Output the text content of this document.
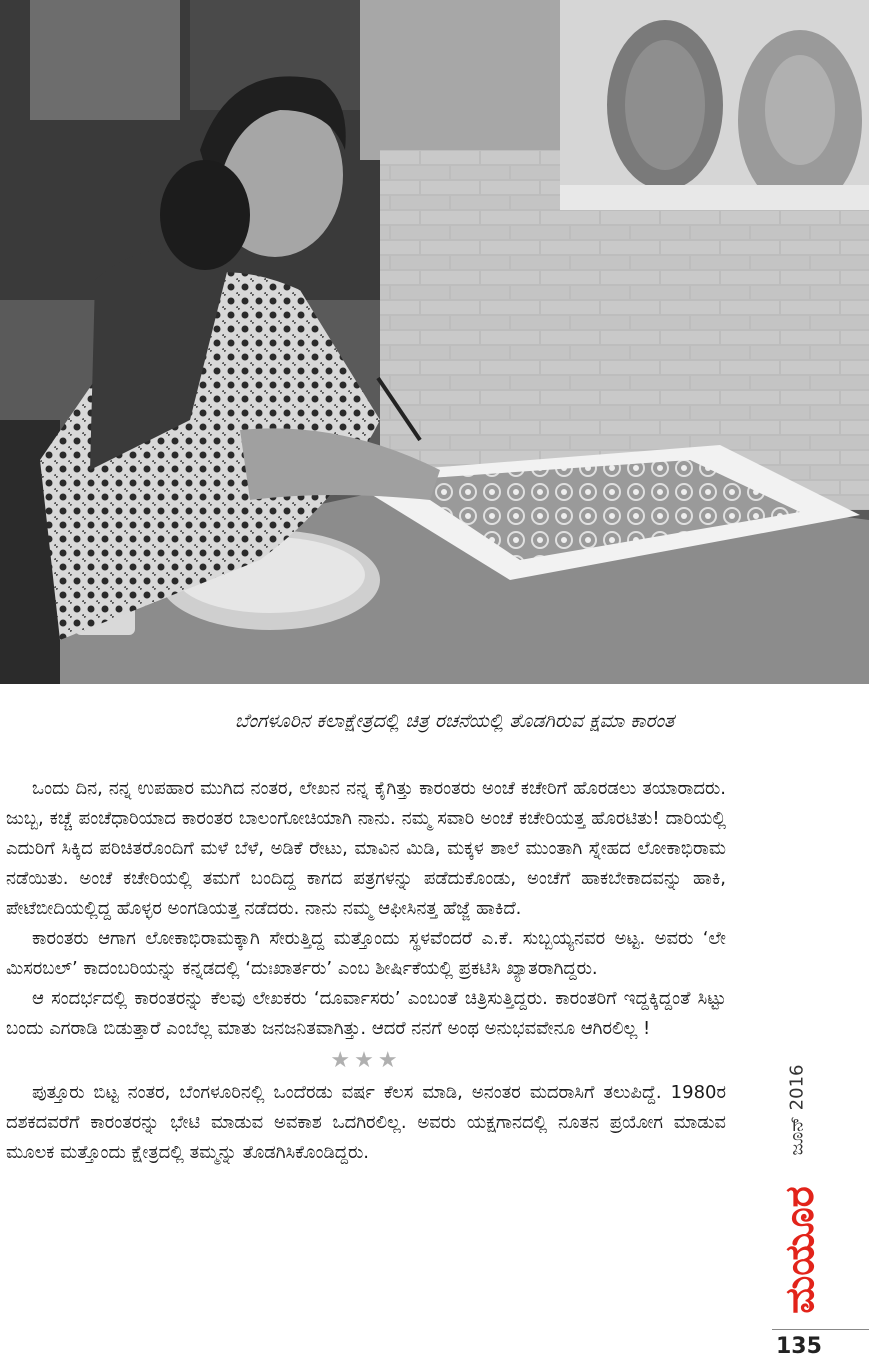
ಬೆಂಗಳೂರಿನ ಕಲಾಕ್ಷೇತ್ರದಲ್ಲಿ ಚಿತ್ರ ರಚನೆಯಲ್ಲಿ ತೊಡಗಿರುವ ಕ್ಷಮಾ ಕಾರಂತ

ಒಂದು ದಿನ, ನನ್ನ ಉಪಹಾರ ಮುಗಿದ ನಂತರ, ಲೇಖನ ನನ್ನ ಕೈಗಿತ್ತು ಕಾರಂತರು ಅಂಚೆ ಕಚೇರಿಗೆ ಹೊರಡಲು ತಯಾರಾದರು. ಜುಬ್ಬ, ಕಚ್ಚೆ ಪಂಚೆಧಾರಿಯಾದ ಕಾರಂತರ ಬಾಲಂಗೋಚಿಯಾಗಿ ನಾನು. ನಮ್ಮ ಸವಾರಿ ಅಂಚೆ ಕಚೇರಿಯತ್ತ ಹೊರಟಿತು! ದಾರಿಯಲ್ಲಿ ಎದುರಿಗೆ ಸಿಕ್ಕಿದ ಪರಿಚಿತರೊಂದಿಗೆ ಮಳೆ ಬೆಳೆ, ಅಡಿಕೆ ರೇಟು, ಮಾವಿನ ಮಿಡಿ, ಮಕ್ಕಳ ಶಾಲೆ ಮುಂತಾಗಿ ಸ್ನೇಹದ ಲೋಕಾಭಿರಾಮ ನಡೆಯಿತು. ಅಂಚೆ ಕಚೇರಿಯಲ್ಲಿ ತಮಗೆ ಬಂದಿದ್ದ ಕಾಗದ ಪತ್ರಗಳನ್ನು ಪಡೆದುಕೊಂಡು, ಅಂಚೆಗೆ ಹಾಕಬೇಕಾದವನ್ನು ಹಾಕಿ, ಪೇಟೆಬೀದಿಯಲ್ಲಿದ್ದ ಹೊಳ್ಳರ ಅಂಗಡಿಯತ್ತ ನಡೆದರು. ನಾನು ನಮ್ಮ ಆಫೀಸಿನತ್ತ ಹೆಜ್ಜೆ ಹಾಕಿದೆ.

ಕಾರಂತರು ಆಗಾಗ ಲೋಕಾಭಿರಾಮಕ್ಕಾಗಿ ಸೇರುತ್ತಿದ್ದ ಮತ್ತೊಂದು ಸ್ಥಳವೆಂದರೆ ಎ.ಕೆ. ಸುಬ್ಬಯ್ಯನವರ ಅಟ್ಟ. ಅವರು ‘ಲೇ ಮಿಸರಬಲ್’ ಕಾದಂಬರಿಯನ್ನು ಕನ್ನಡದಲ್ಲಿ ‘ದುಃಖಾರ್ತರು’ ಎಂಬ ಶೀರ್ಷಿಕೆಯಲ್ಲಿ ಪ್ರಕಟಿಸಿ ಖ್ಯಾತರಾಗಿದ್ದರು.

ಆ ಸಂದರ್ಭದಲ್ಲಿ ಕಾರಂತರನ್ನು ಕೆಲವು ಲೇಖಕರು ‘ದೂರ್ವಾಸರು’ ಎಂಬಂತೆ ಚಿತ್ರಿಸುತ್ತಿದ್ದರು. ಕಾರಂತರಿಗೆ ಇದ್ದಕ್ಕಿದ್ದಂತೆ ಸಿಟ್ಟು ಬಂದು ಎಗರಾಡಿ ಬಿಡುತ್ತಾರೆ ಎಂಬೆಲ್ಲ ಮಾತು ಜನಜನಿತವಾಗಿತ್ತು. ಆದರೆ ನನಗೆ ಅಂಥ ಅನುಭವವೇನೂ ಆಗಿರಲಿಲ್ಲ !

★★★

ಪುತ್ತೂರು ಬಿಟ್ಟ ನಂತರ, ಬೆಂಗಳೂರಿನಲ್ಲಿ ಒಂದೆರಡು ವರ್ಷ ಕೆಲಸ ಮಾಡಿ, ಅನಂತರ ಮದರಾಸಿಗೆ ತಲುಪಿದ್ದೆ. 1980ರ ದಶಕದವರೆಗೆ ಕಾರಂತರನ್ನು ಭೇಟಿ ಮಾಡುವ ಅವಕಾಶ ಒದಗಿರಲಿಲ್ಲ. ಅವರು ಯಕ್ಷಗಾನದಲ್ಲಿ ನೂತನ ಪ್ರಯೋಗ ಮಾಡುವ ಮೂಲಕ ಮತ್ತೊಂದು ಕ್ಷೇತ್ರದಲ್ಲಿ ತಮ್ಮನ್ನು ತೊಡಗಿಸಿಕೊಂಡಿದ್ದರು.	ಜೂನ್ 2016
ಮಯೂರ
135
